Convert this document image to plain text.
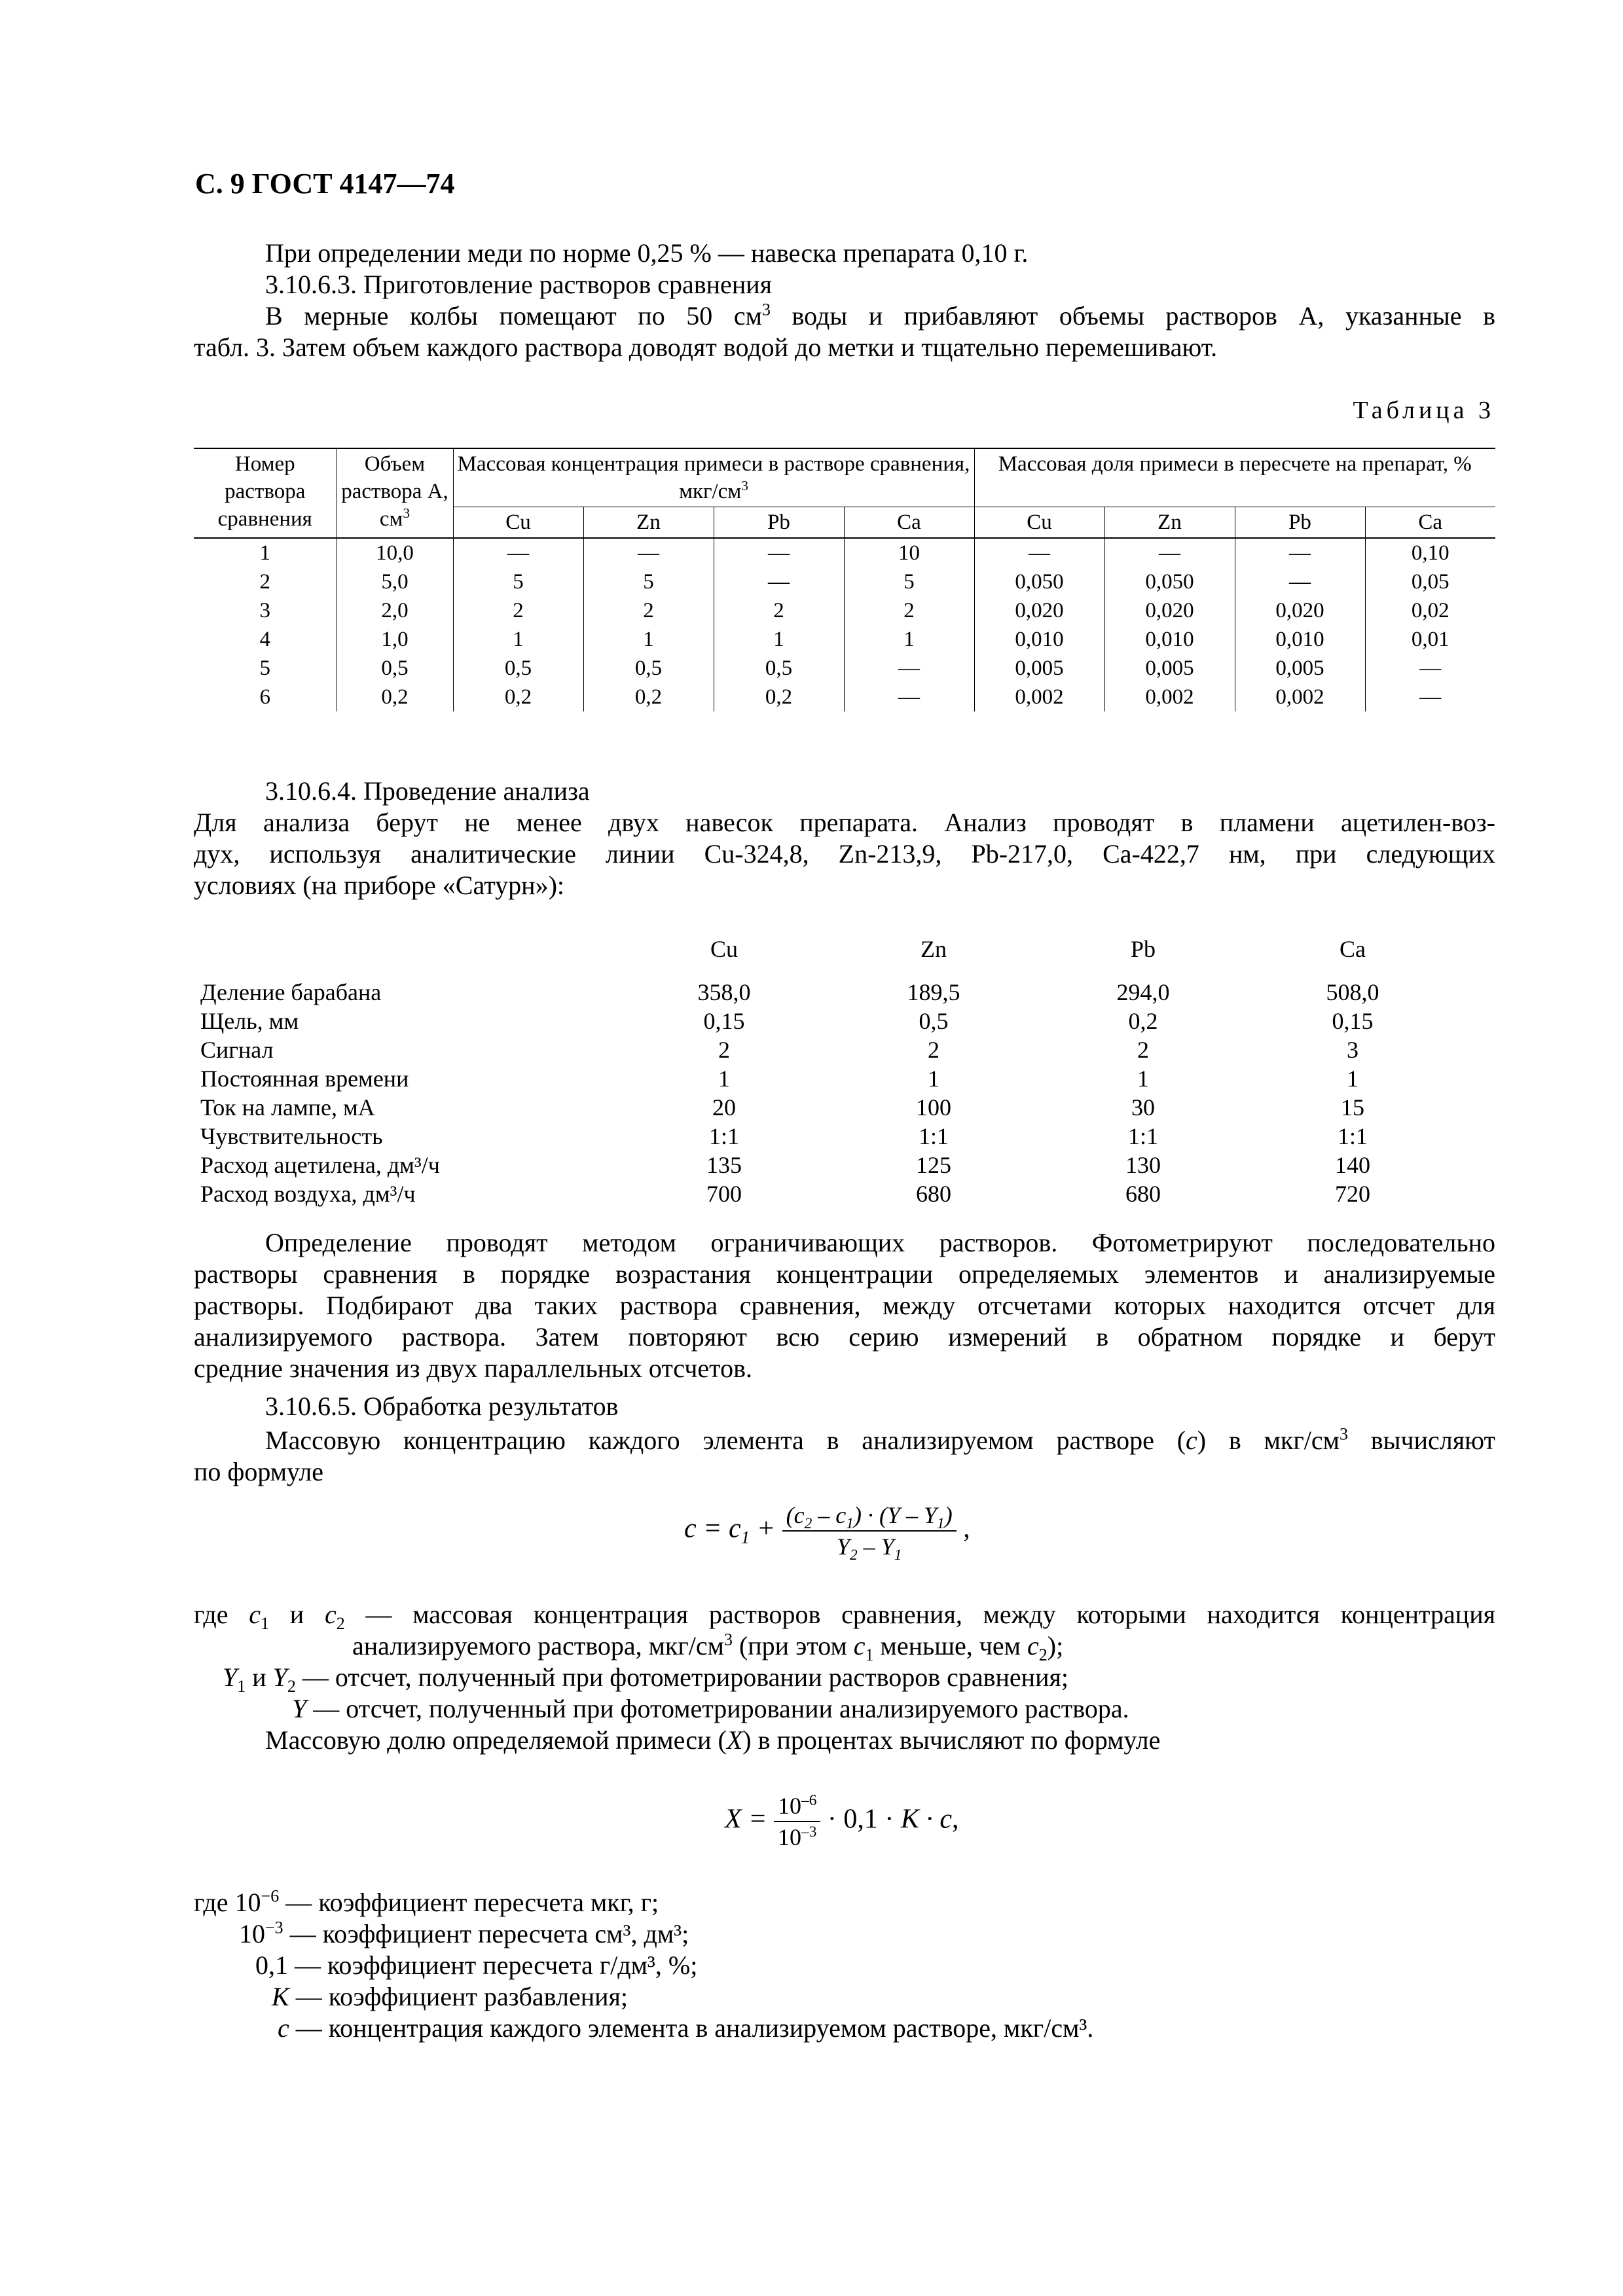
С. 9 ГОСТ 4147—74
При определении меди по норме 0,25 % — навеска препарата 0,10 г.
3.10.6.3. Приготовление растворов сравнения
В мерные колбы помещают по 50 $см^3$ воды и прибавляют объемы растворов А, указанные в
табл. 3. Затем объем каждого раствора доводят водой до метки и тщательно перемешивают.
Таблица 3
Номер раствора сравнения	Объем раствора А, $см^3$	Массовая концентрация примеси в растворе сравнения, мкг/$см^3$				Массовая доля примеси в пересчете на препарат, %			
		Cu	Zn	Pb	Ca	Cu	Zn	Pb	Ca
1	10,0	—	—	—	10	—	—	—	0,10
2	5,0	5	5	—	5	0,050	0,050	—	0,05
3	2,0	2	2	2	2	0,020	0,020	0,020	0,02
4	1,0	1	1	1	1	0,010	0,010	0,010	0,01
5	0,5	0,5	0,5	0,5	—	0,005	0,005	0,005	—
6	0,2	0,2	0,2	0,2	—	0,002	0,002	0,002	—
3.10.6.4. Проведение анализа
Для анализа берут не менее двух навесок препарата. Анализ проводят в пламени ацетилен-воз-
дух, используя аналитические линии Cu-324,8, Zn-213,9, Pb-217,0, Ca-422,7 нм, при следующих
условиях (на приборе «Сатурн»):
	Cu	Zn	Pb	Ca

Деление барабана	358,0	189,5	294,0	508,0
Щель, мм	0,15	0,5	0,2	0,15
Сигнал	2	2	2	3
Постоянная времени	1	1	1	1
Ток на лампе, мА	20	100	30	15
Чувствительность	1:1	1:1	1:1	1:1
Расход ацетилена, дм³/ч	135	125	130	140
Расход воздуха, дм³/ч	700	680	680	720
Определение проводят методом ограничивающих растворов. Фотометрируют последовательно
растворы сравнения в порядке возрастания концентрации определяемых элементов и анализируемые
растворы. Подбирают два таких раствора сравнения, между отсчетами которых находится отсчет для
анализируемого раствора. Затем повторяют всю серию измерений в обратном порядке и берут
средние значения из двух параллельных отсчетов.
3.10.6.5. Обработка результатов
Массовую концентрацию каждого элемента в анализируемом растворе (c) в мкг/$см^3$ вычисляют
по формуле
$c = c_1 + \frac{(c_2 - c_1) \cdot (Y - Y_1)}{Y_2 - Y_1}$ ,
где $c_1$ и $c_2$ — массовая концентрация растворов сравнения, между которыми находится концентрация
анализируемого раствора, мкг/$см^3$ (при этом $c_1$ меньше, чем $c_2$);
$Y_1$ и $Y_2$ — отсчет, полученный при фотометрировании растворов сравнения;
Y — отсчет, полученный при фотометрировании анализируемого раствора.
Массовую долю определяемой примеси (X) в процентах вычисляют по формуле
$X = \frac{10^{-6}}{10^{-3}} \cdot 0,1 \cdot K \cdot c$,
где $10^{-6}$ — коэффициент пересчета мкг, г;
$10^{-3}$ — коэффициент пересчета см³, дм³;
0,1 — коэффициент пересчета г/дм³, %;
K — коэффициент разбавления;
c — концентрация каждого элемента в анализируемом растворе, мкг/см³.
